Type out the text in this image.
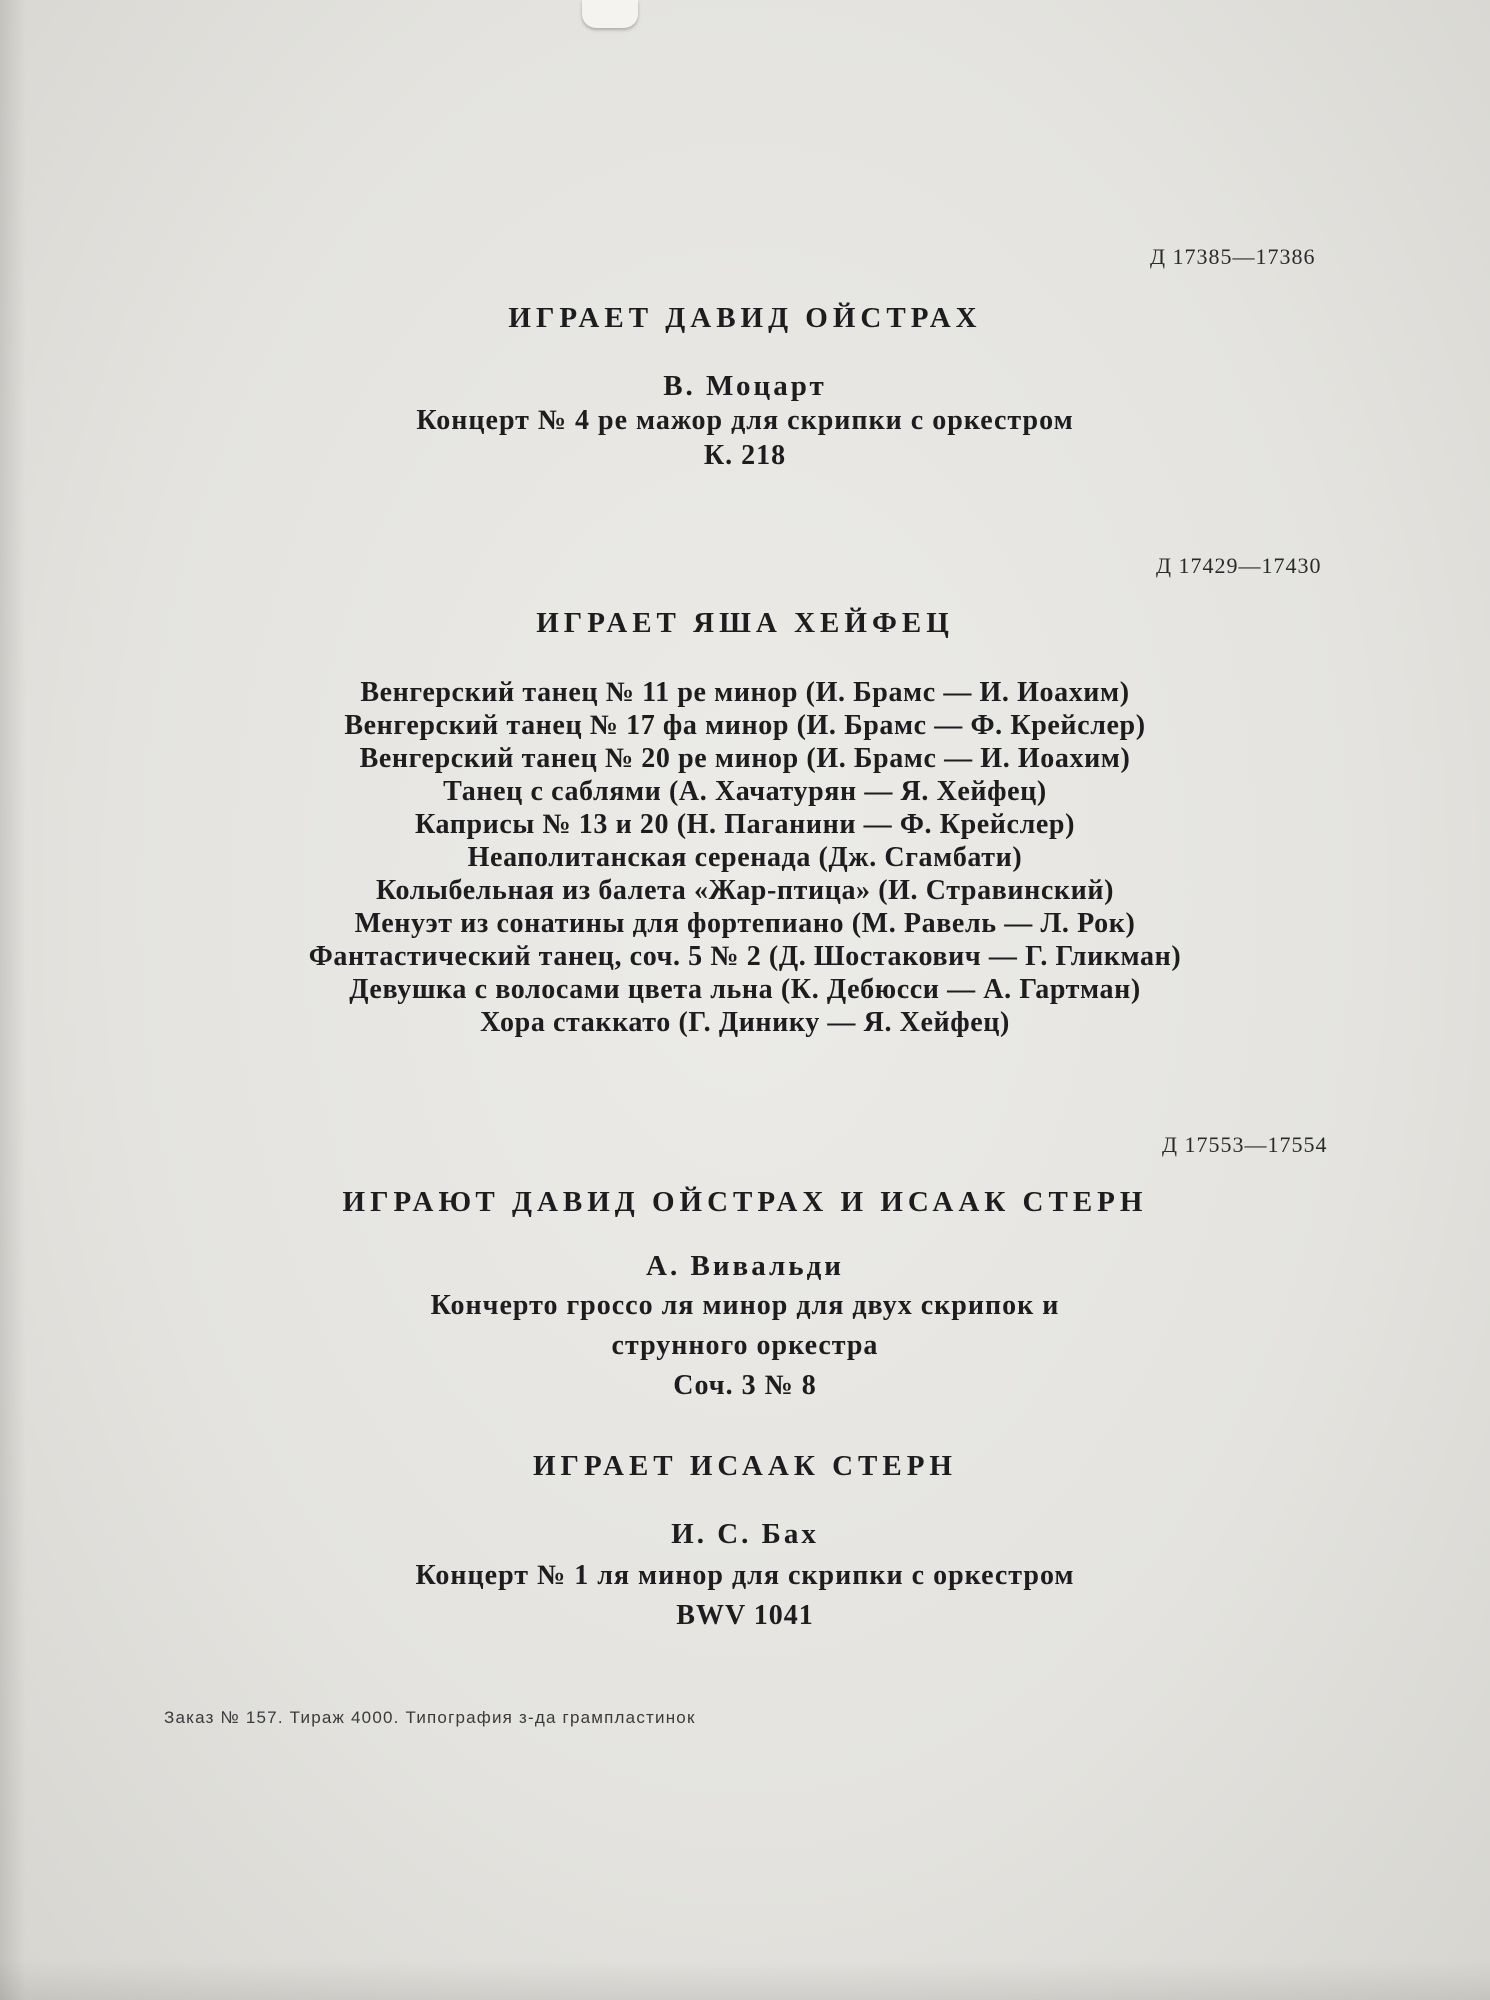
Д 17385—17386
ИГРАЕТ ДАВИД ОЙСТРАХ
В. Моцарт
Концерт № 4 ре мажор для скрипки с оркестром
К. 218
Д 17429—17430
ИГРАЕТ ЯША ХЕЙФЕЦ
Венгерский танец № 11 ре минор (И. Брамс — И. Иоахим)
Венгерский танец № 17 фа минор (И. Брамс — Ф. Крейслер)
Венгерский танец № 20 ре минор (И. Брамс — И. Иоахим)
Танец с саблями (А. Хачатурян — Я. Хейфец)
Каприсы № 13 и 20 (Н. Паганини — Ф. Крейслер)
Неаполитанская серенада (Дж. Сгамбати)
Колыбельная из балета «Жар-птица» (И. Стравинский)
Менуэт из сонатины для фортепиано (М. Равель — Л. Рок)
Фантастический танец, соч. 5 № 2 (Д. Шостакович — Г. Гликман)
Девушка с волосами цвета льна (К. Дебюсси — А. Гартман)
Хора стаккато (Г. Динику — Я. Хейфец)
Д 17553—17554
ИГРАЮТ ДАВИД ОЙСТРАХ И ИСААК СТЕРН
А. Вивальди
Кончерто гроссо ля минор для двух скрипок и
струнного оркестра
Соч. 3 № 8
ИГРАЕТ ИСААК СТЕРН
И. С. Бах
Концерт № 1 ля минор для скрипки с оркестром
BWV 1041
Заказ № 157. Тираж 4000. Типография з-да грампластинок
